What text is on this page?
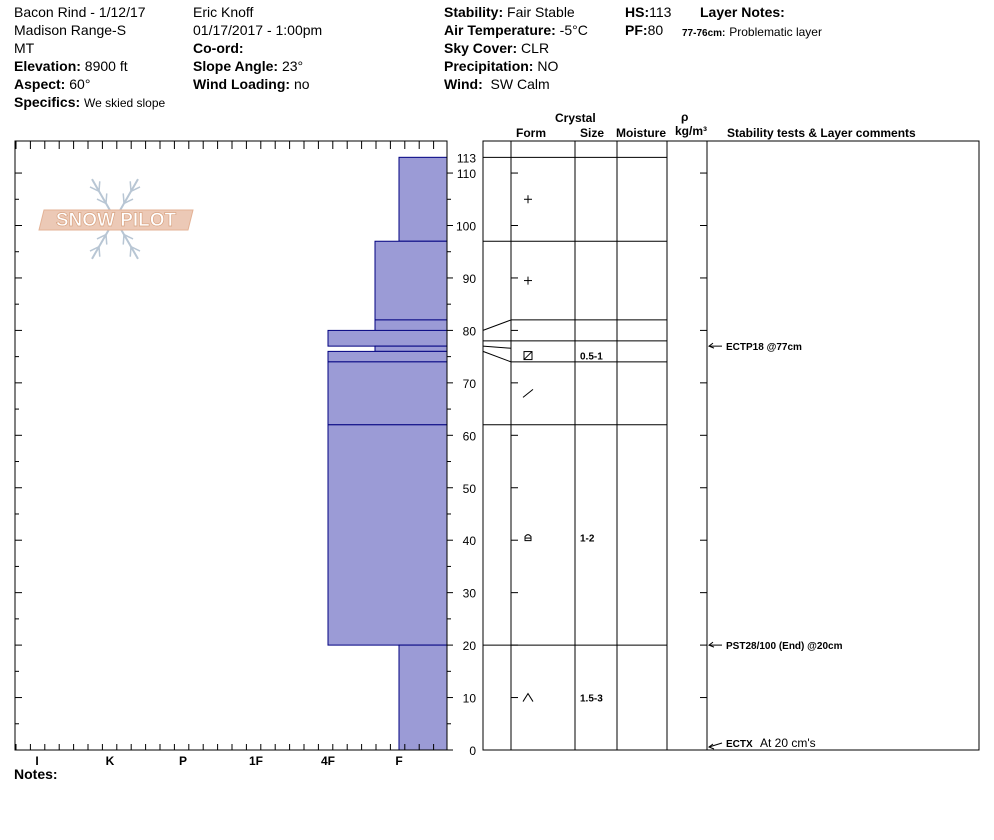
Bacon Rind - 1/12/17
Madison Range-S
MT
Elevation: 8900 ft
Aspect: 60°
Specifics: We skied slope
Eric Knoff
01/17/2017 - 1:00pm
Co-ord:
Slope Angle: 23°
Wind Loading: no
Stability: Fair Stable
Air Temperature: -5°C
Sky Cover: CLR
Precipitation: NO
Wind: SW Calm
HS:113
PF:80
Layer Notes:
77-76cm: Problematic layer
Crystal
Form	Size Moisture
ρ
kg/m³ Stability tests & Layer comments
Notes:
SNOW PILOT
I	K	P	1F	4F	F
0
10
20
30
40
50
60
70
80
90
100
110
113
0.5-1
1-2
1.5-3
ECTP18 @77cm
PST28/100 (End) @20cm
ECTX At 20 cm's
